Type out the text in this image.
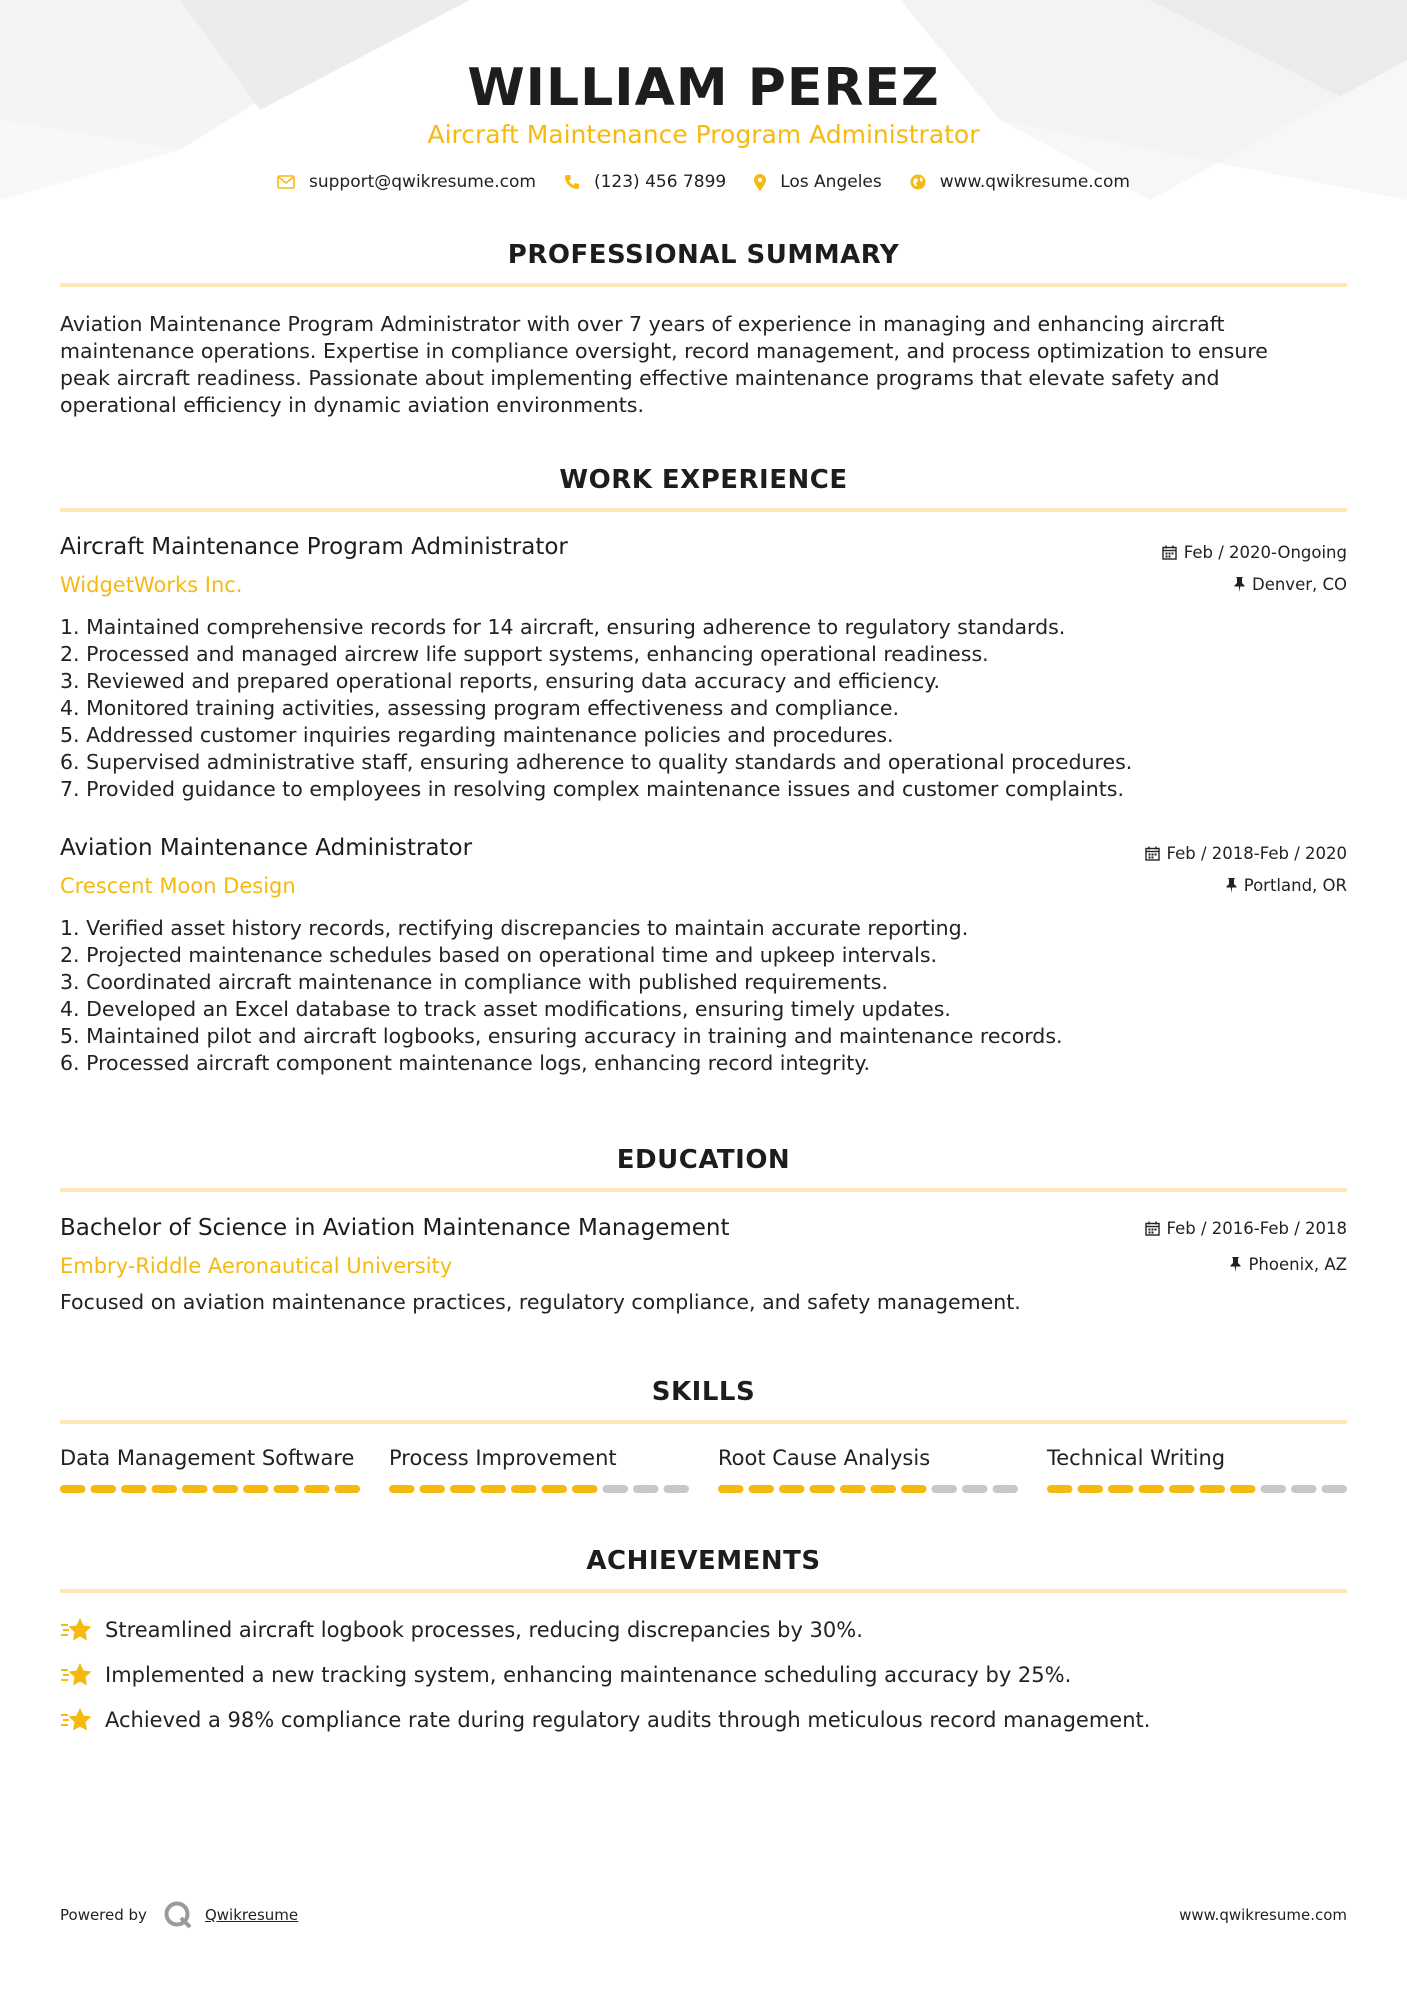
WILLIAM PEREZ
Aircraft Maintenance Program Administrator
support@qwikresume.com	(123) 456 7899	Los Angeles	www.qwikresume.com
PROFESSIONAL SUMMARY
Aviation Maintenance Program Administrator with over 7 years of experience in managing and enhancing aircraft
maintenance operations. Expertise in compliance oversight, record management, and process optimization to ensure
peak aircraft readiness. Passionate about implementing effective maintenance programs that elevate safety and
operational efficiency in dynamic aviation environments.
WORK EXPERIENCE
Aircraft Maintenance Program Administrator	Feb / 2020-Ongoing
WidgetWorks Inc.	Denver, CO
1. Maintained comprehensive records for 14 aircraft, ensuring adherence to regulatory standards.
2. Processed and managed aircrew life support systems, enhancing operational readiness.
3. Reviewed and prepared operational reports, ensuring data accuracy and efficiency.
4. Monitored training activities, assessing program effectiveness and compliance.
5. Addressed customer inquiries regarding maintenance policies and procedures.
6. Supervised administrative staff, ensuring adherence to quality standards and operational procedures.
7. Provided guidance to employees in resolving complex maintenance issues and customer complaints.
Aviation Maintenance Administrator	Feb / 2018-Feb / 2020
Crescent Moon Design	Portland, OR
1. Verified asset history records, rectifying discrepancies to maintain accurate reporting.
2. Projected maintenance schedules based on operational time and upkeep intervals.
3. Coordinated aircraft maintenance in compliance with published requirements.
4. Developed an Excel database to track asset modifications, ensuring timely updates.
5. Maintained pilot and aircraft logbooks, ensuring accuracy in training and maintenance records.
6. Processed aircraft component maintenance logs, enhancing record integrity.
EDUCATION
Bachelor of Science in Aviation Maintenance Management	Feb / 2016-Feb / 2018
Embry-Riddle Aeronautical University	Phoenix, AZ
Focused on aviation maintenance practices, regulatory compliance, and safety management.
SKILLS
Data Management Software Process Improvement	Root Cause Analysis	Technical Writing
ACHIEVEMENTS
Streamlined aircraft logbook processes, reducing discrepancies by 30%.
Implemented a new tracking system, enhancing maintenance scheduling accuracy by 25%.
Achieved a 98% compliance rate during regulatory audits through meticulous record management.
Powered by	Qwikresume	www.qwikresume.com
